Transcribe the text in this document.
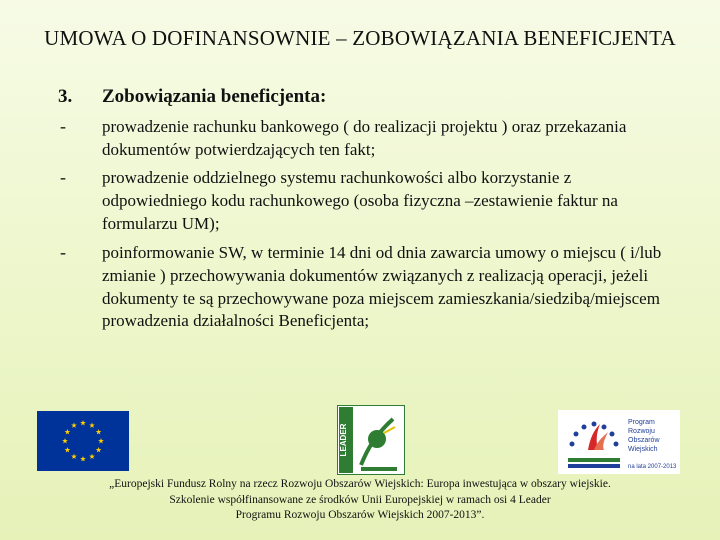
UMOWA O DOFINANSOWNIE – ZOBOWIĄZANIA BENEFICJENTA
3. Zobowiązania beneficjenta:
- prowadzenie rachunku bankowego ( do realizacji projektu ) oraz przekazania dokumentów potwierdzających ten fakt;
- prowadzenie oddzielnego systemu rachunkowości albo korzystanie z odpowiedniego kodu rachunkowego (osoba fizyczna –zestawienie faktur na formularzu UM);
- poinformowanie SW, w terminie 14 dni od dnia zawarcia umowy o miejscu ( i/lub zmianie ) przechowywania dokumentów związanych z realizacją operacji, jeżeli dokumenty te są przechowywane poza miejscem zamieszkania/siedzibą/miejscem prowadzenia działalności Beneficjenta;
LEADER
Program
Rozwoju
Obszarów
Wiejskich
na lata 2007-2013
„Europejski Fundusz Rolny na rzecz Rozwoju Obszarów Wiejskich: Europa inwestująca w obszary wiejskie.
Szkolenie współfinansowane ze środków Unii Europejskiej w ramach osi 4 Leader
Programu Rozwoju Obszarów Wiejskich 2007-2013”.
